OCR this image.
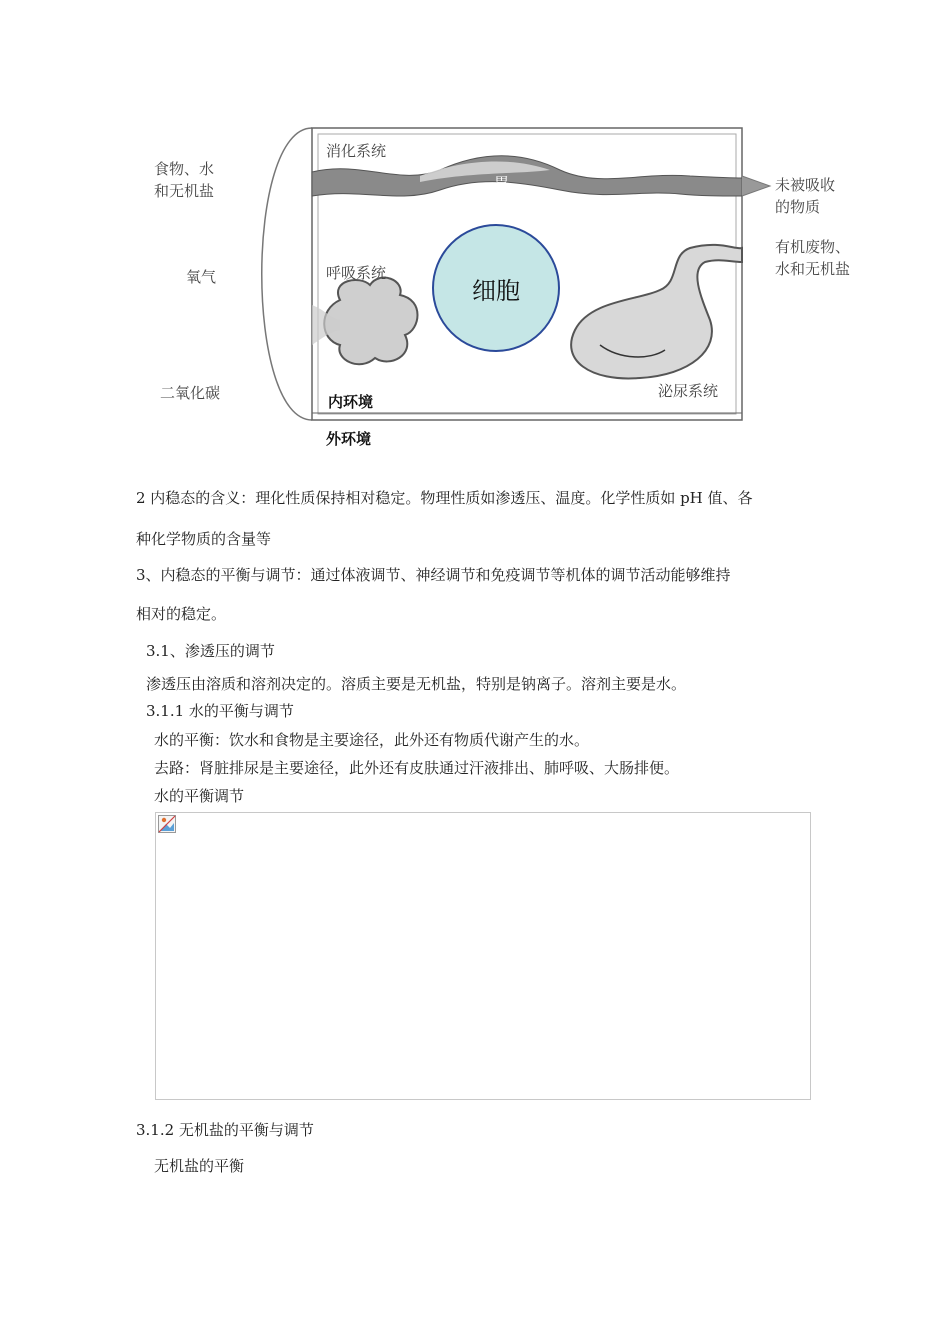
食物、水
和无机盐
氧气
二氧化碳
消化系统
胃
呼吸系统
泌尿系统
内环境
外环境
未被吸收
的物质
有机废物、
水和无机盐
细胞
2 内稳态的含义：理化性质保持相对稳定。物理性质如渗透压、温度。化学性质如 pH 值、各
种化学物质的含量等
3、内稳态的平衡与调节：通过体液调节、神经调节和免疫调节等机体的调节活动能够维持
相对的稳定。
3.1、渗透压的调节
渗透压由溶质和溶剂决定的。溶质主要是无机盐，特别是钠离子。溶剂主要是水。
3.1.1 水的平衡与调节
水的平衡：饮水和食物是主要途径，此外还有物质代谢产生的水。
去路：肾脏排尿是主要途径，此外还有皮肤通过汗液排出、肺呼吸、大肠排便。
水的平衡调节
3.1.2 无机盐的平衡与调节
无机盐的平衡
